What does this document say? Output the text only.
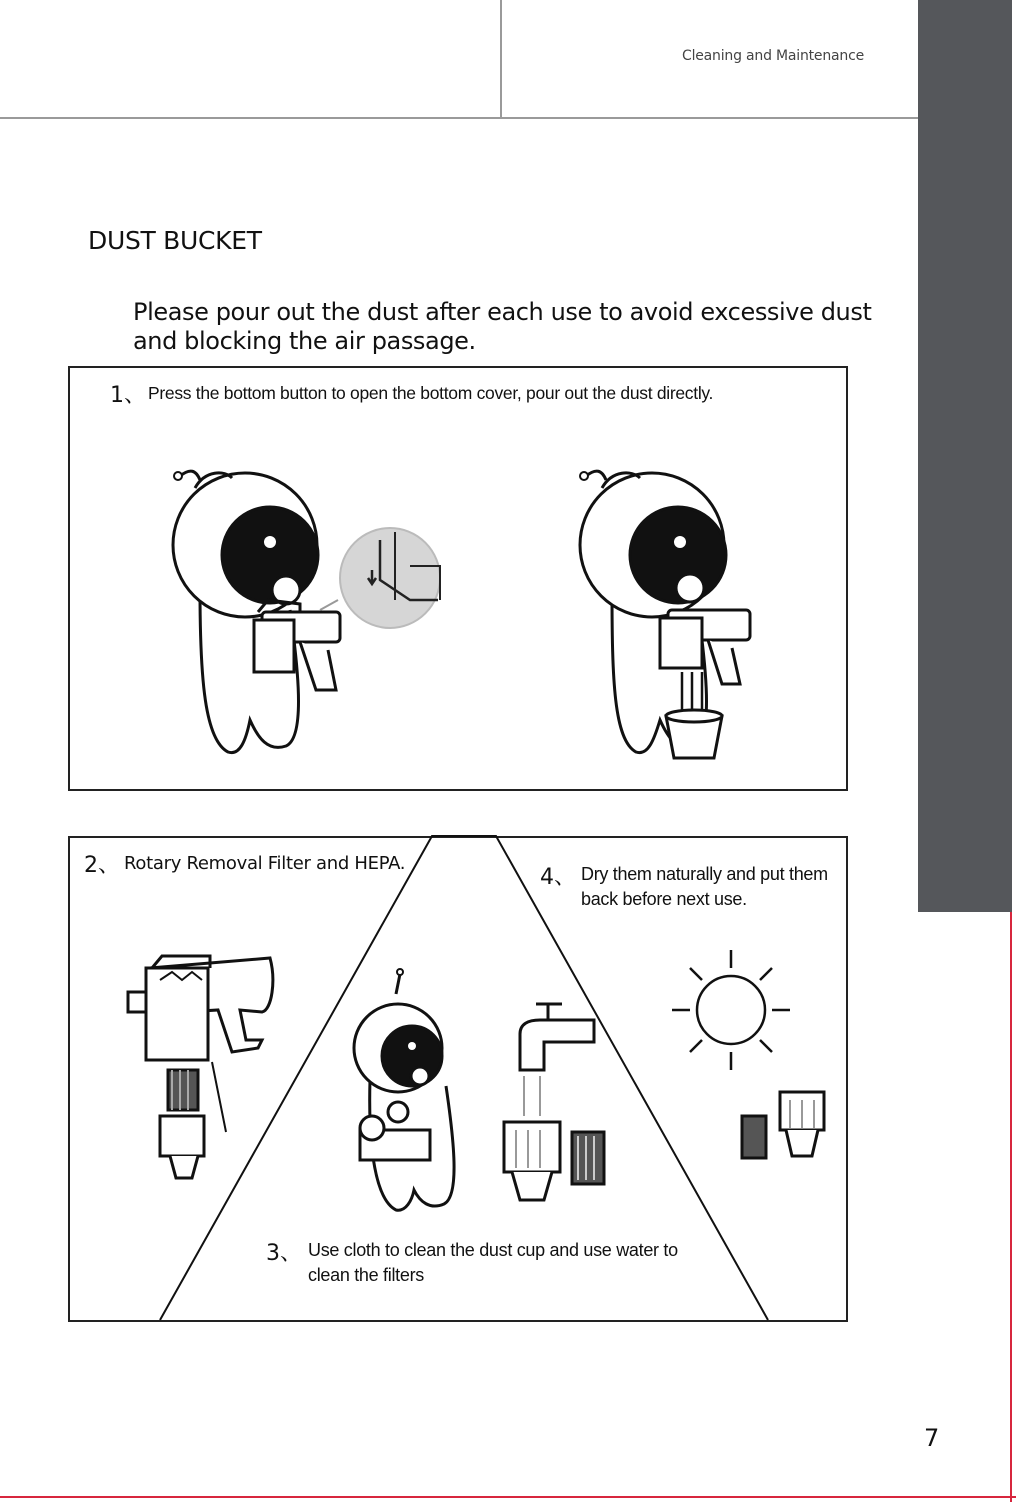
Cleaning and Maintenance
DUST BUCKET
Please pour out the dust after each use to avoid excessive dust and blocking the air passage.
1、 Press the bottom button to open the bottom cover, pour out the dust directly.
2、 Rotary Removal Filter and HEPA.
3、 Use cloth to clean the dust cup and use water to clean the filters
4、 Dry them naturally and put them back before next use.
7
